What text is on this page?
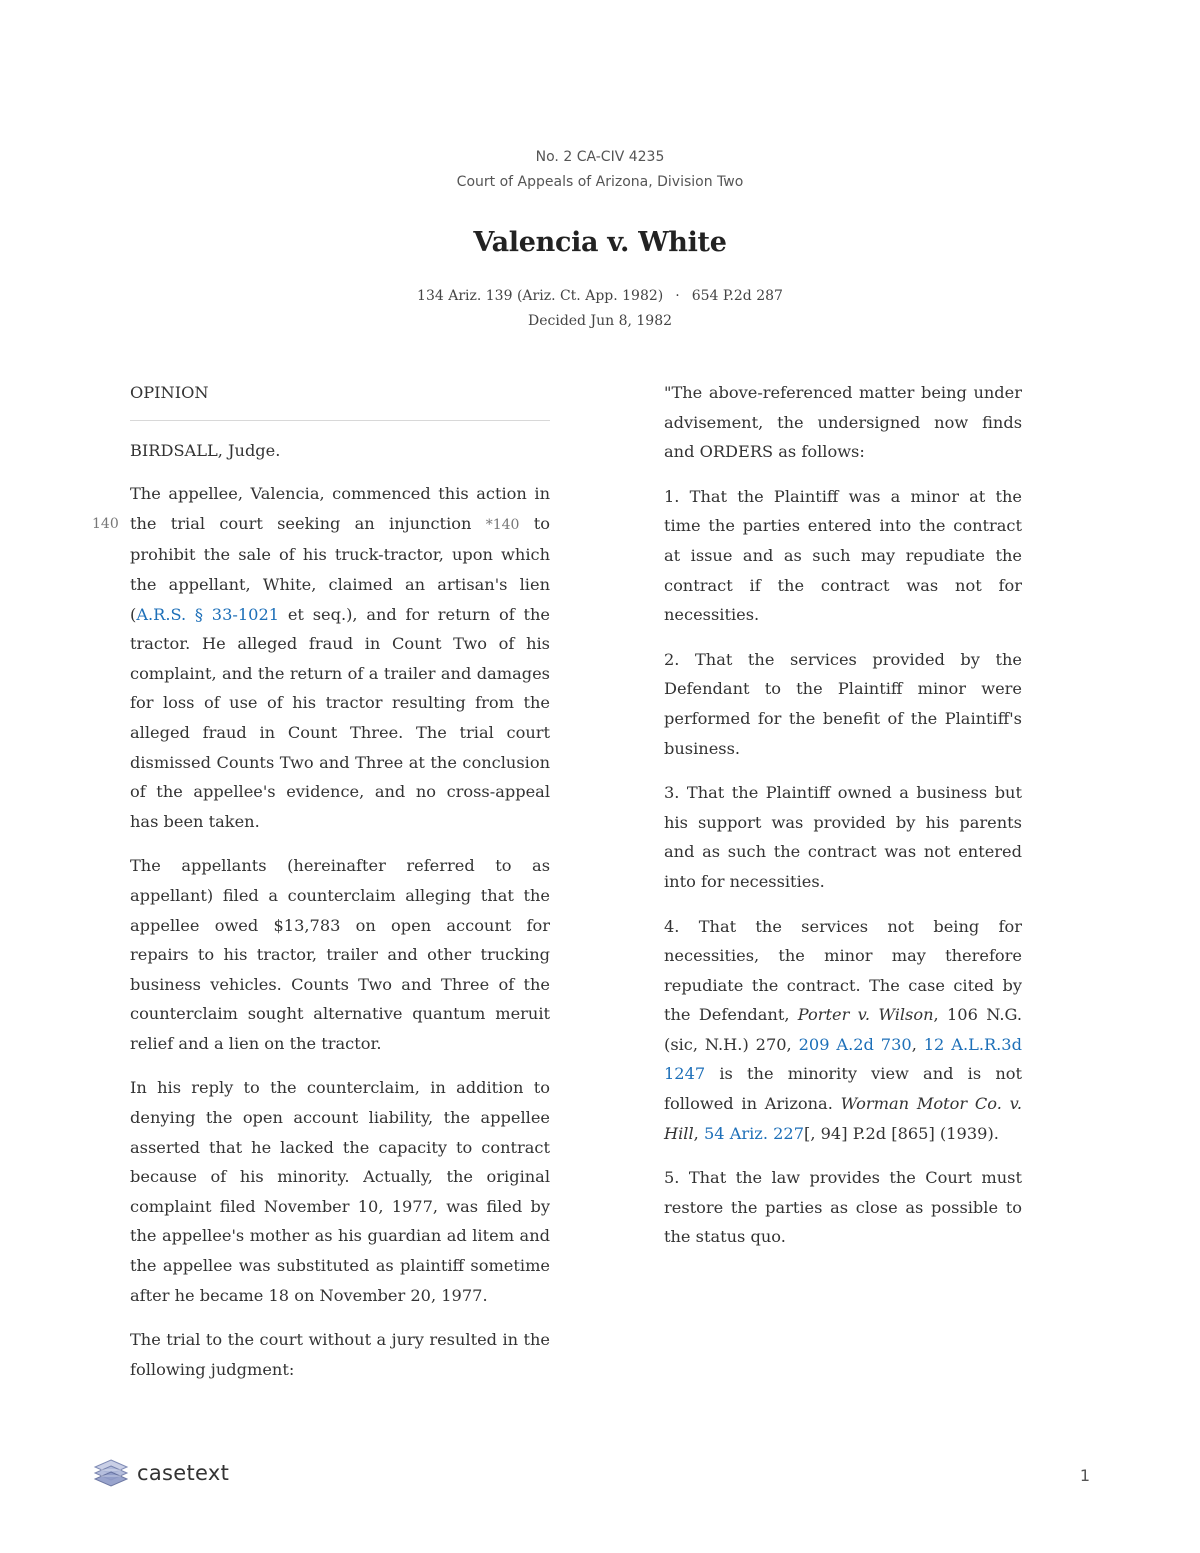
No. 2 CA-CIV 4235
Court of Appeals of Arizona, Division Two
Valencia v. White
134 Ariz. 139 (Ariz. Ct. App. 1982) · 654 P.2d 287
Decided Jun 8, 1982
140

OPINION

BIRDSALL, Judge.

The appellee, Valencia, commenced this action in the trial court seeking an injunction *140 to prohibit the sale of his truck-tractor, upon which the appellant, White, claimed an artisan's lien (A.R.S. § 33-1021 et seq.), and for return of the tractor. He alleged fraud in Count Two of his complaint, and the return of a trailer and damages for loss of use of his tractor resulting from the alleged fraud in Count Three. The trial court dismissed Counts Two and Three at the conclusion of the appellee's evidence, and no cross-appeal has been taken.

The appellants (hereinafter referred to as appellant) filed a counterclaim alleging that the appellee owed $13,783 on open account for repairs to his tractor, trailer and other trucking business vehicles. Counts Two and Three of the counterclaim sought alternative quantum meruit relief and a lien on the tractor.

In his reply to the counterclaim, in addition to denying the open account liability, the appellee asserted that he lacked the capacity to contract because of his minority. Actually, the original complaint filed November 10, 1977, was filed by the appellee's mother as his guardian ad litem and the appellee was substituted as plaintiff sometime after he became 18 on November 20, 1977.

The trial to the court without a jury resulted in the following judgment:

"The above-referenced matter being under advisement, the undersigned now finds and ORDERS as follows:

1. That the Plaintiff was a minor at the time the parties entered into the contract at issue and as such may repudiate the contract if the contract was not for necessities.

2. That the services provided by the Defendant to the Plaintiff minor were performed for the benefit of the Plaintiff's business.

3. That the Plaintiff owned a business but his support was provided by his parents and as such the contract was not entered into for necessities.

4. That the services not being for necessities, the minor may therefore repudiate the contract. The case cited by the Defendant, Porter v. Wilson, 106 N.G. (sic, N.H.) 270, 209 A.2d 730, 12 A.L.R.3d 1247 is the minority view and is not followed in Arizona. Worman Motor Co. v. Hill, 54 Ariz. 227[, 94] P.2d [865] (1939).

5. That the law provides the Court must restore the parties as close as possible to the status quo.

casetext	1
